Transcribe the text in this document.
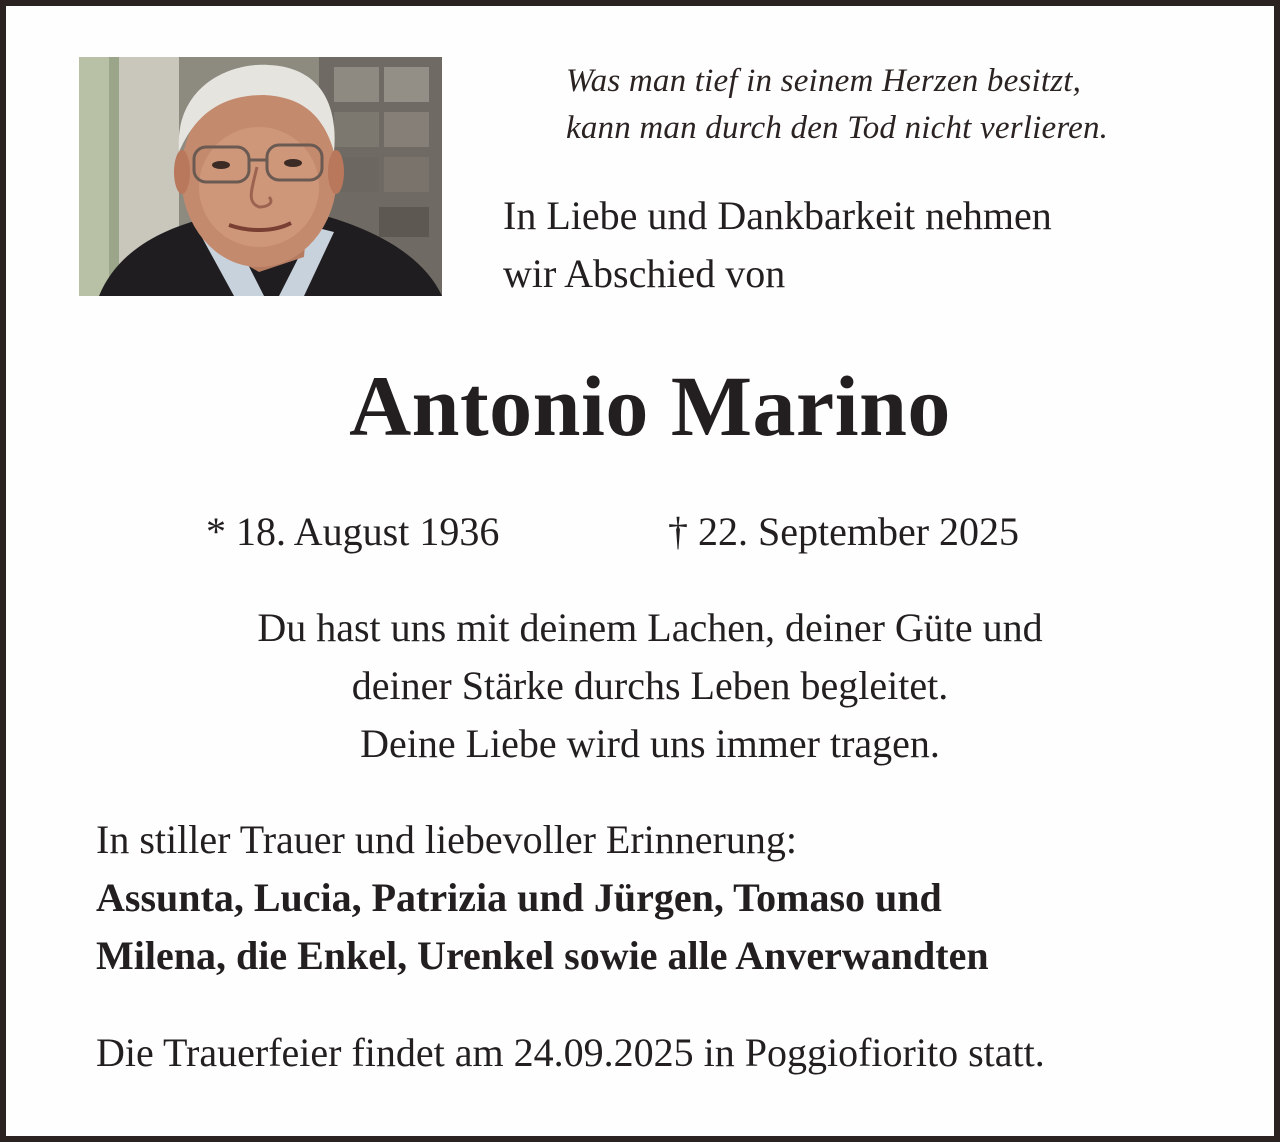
Was man tief in seinem Herzen besitzt,
kann man durch den Tod nicht verlieren.
In Liebe und Dankbarkeit nehmen
wir Abschied von
Antonio Marino
* 18. August 1936	† 22. September 2025
Du hast uns mit deinem Lachen, deiner Güte und
deiner Stärke durchs Leben begleitet.
Deine Liebe wird uns immer tragen.
In stiller Trauer und liebevoller Erinnerung:
Assunta, Lucia, Patrizia und Jürgen, Tomaso und
Milena, die Enkel, Urenkel sowie alle Anverwandten
Die Trauerfeier findet am 24.09.2025 in Poggiofiorito statt.
